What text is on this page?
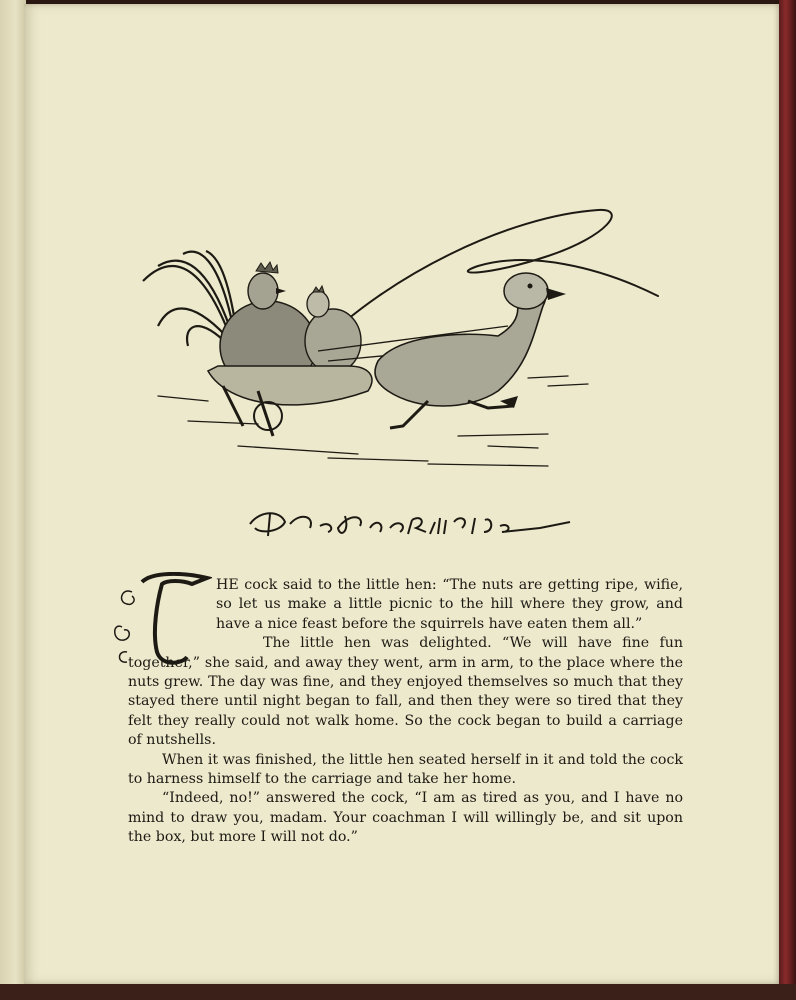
T

HE cock said to the little hen: “The nuts are getting ripe, wifie, so let us make a little picnic to the hill where they grow, and have a nice feast before the squirrels have eaten them all.”

The little hen was delighted. “We will have fine fun together,” she said, and away they went, arm in arm, to the place where the nuts grew. The day was fine, and they enjoyed themselves so much that they stayed there until night began to fall, and then they were so tired that they felt they really could not walk home. So the cock began to build a carriage of nutshells.

When it was finished, the little hen seated herself in it and told the cock to harness himself to the carriage and take her home.

“Indeed, no!” answered the cock, “I am as tired as you, and I have no mind to draw you, madam. Your coachman I will willingly be, and sit upon the box, but more I will not do.”
